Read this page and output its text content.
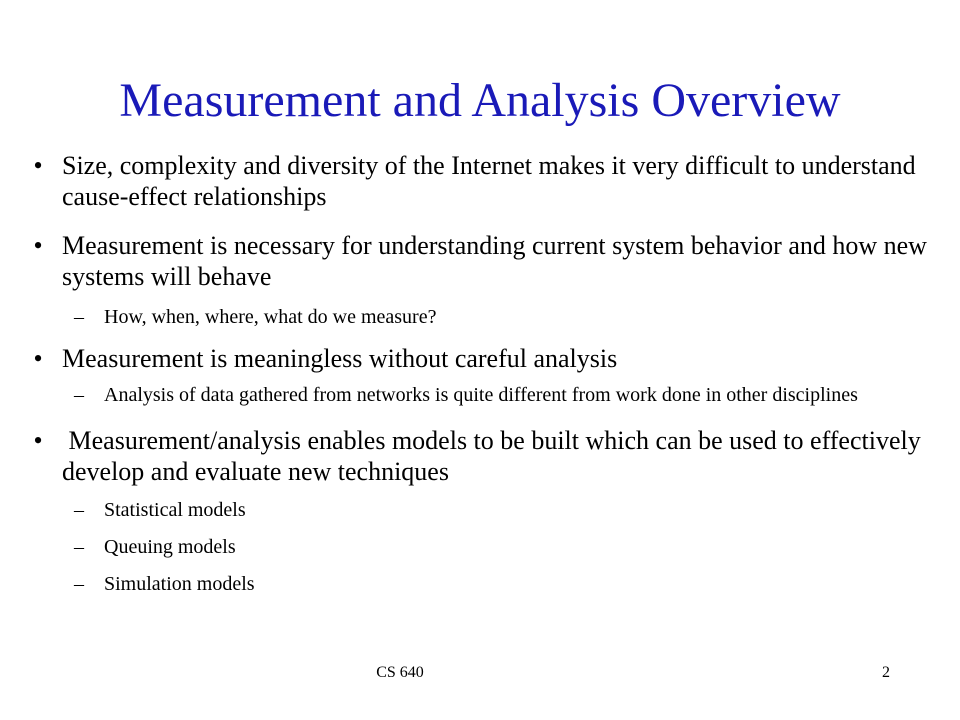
Measurement and Analysis Overview
• Size, complexity and diversity of the Internet makes it very difficult to understand cause-effect relationships
• Measurement is necessary for understanding current system behavior and how new systems will behave
– How, when, where, what do we measure?
• Measurement is meaningless without careful analysis
– Analysis of data gathered from networks is quite different from work done in other disciplines
• Measurement/analysis enables models to be built which can be used to effectively develop and evaluate new techniques
– Statistical models
– Queuing models
– Simulation models
CS 640	2
